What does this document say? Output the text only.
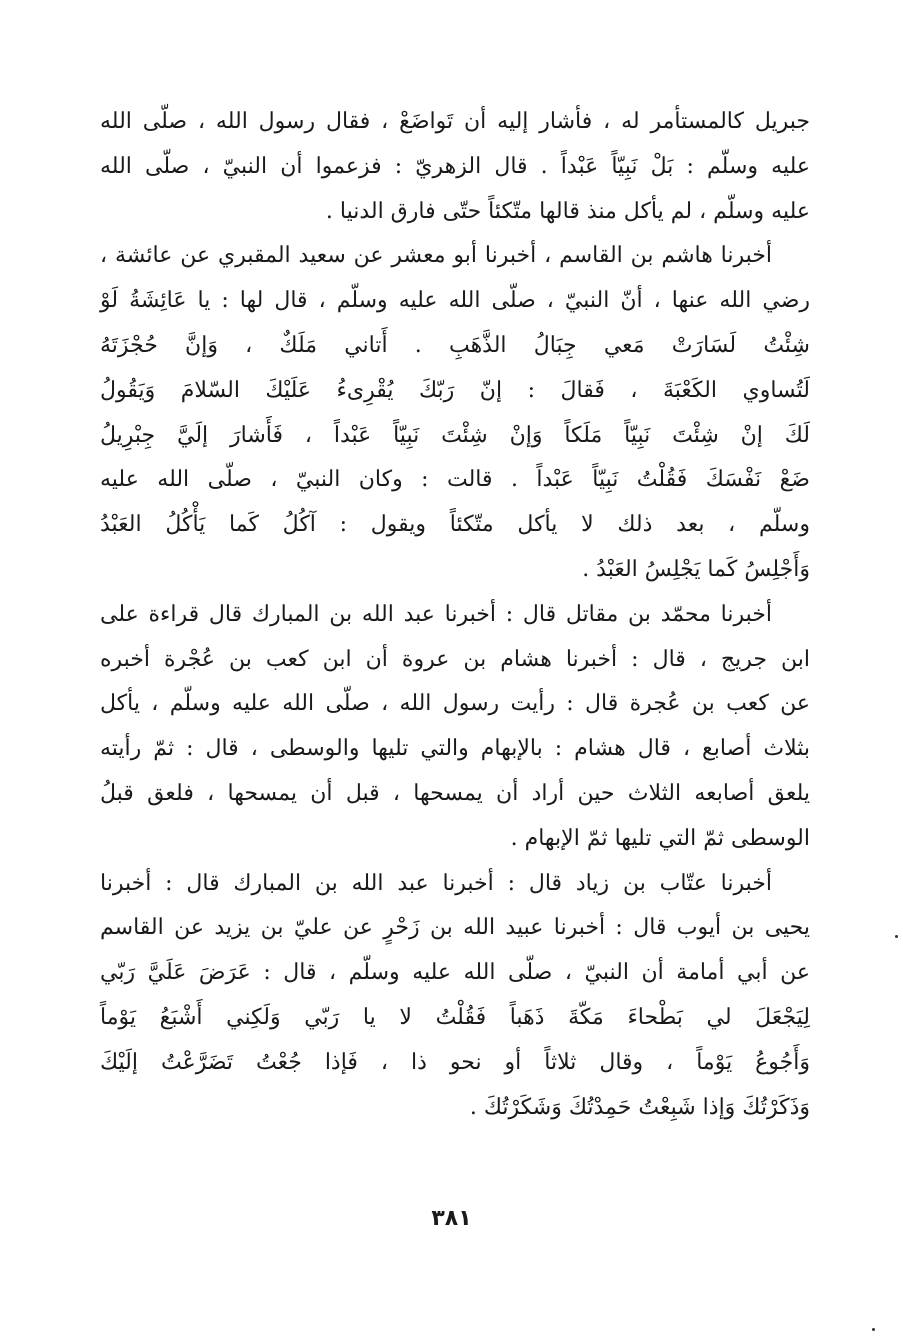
جبريل كالمستأمر له ، فأشار إليه أن تَواضَعْ ، فقال رسول الله ، صلّى الله
عليه وسلّم : بَلْ نَبِيّاً عَبْداً . قال الزهريّ : فزعموا أن النبيّ ، صلّى الله
عليه وسلّم ، لم يأكل منذ قالها متّكئاً حتّى فارق الدنيا .
أخبرنا هاشم بن القاسم ، أخبرنا أبو معشر عن سعيد المقبري عن عائشة ،
رضي الله عنها ، أنّ النبيّ ، صلّى الله عليه وسلّم ، قال لها : يا عَائِشَةُ لَوْ
شِئْتُ لَسَارَتْ مَعي جِبَالُ الذَّهَبِ . أَتاني مَلَكٌ ، وَإنَّ حُجْزَتَهُ
لَتُساوي الكَعْبَةَ ، فَقالَ : إنّ رَبّكَ يُقْرِىءُ عَلَيْكَ السّلامَ وَيَقُولُ
لَكَ إنْ شِئْتَ نَبِيّاً مَلَكاً وَإنْ شِئْتَ نَبِيّاً عَبْداً ، فَأَشارَ إلَيَّ جِبْرِيلُ
ضَعْ نَفْسَكَ فَقُلْتُ نَبِيّاً عَبْداً . قالت : وكان النبيّ ، صلّى الله عليه
وسلّم ، بعد ذلك لا يأكل متّكئاً ويقول : آكُلُ كَما يَأْكُلُ العَبْدُ
وَأَجْلِسُ كَما يَجْلِسُ العَبْدُ .
أخبرنا محمّد بن مقاتل قال : أخبرنا عبد الله بن المبارك قال قراءة على
ابن جريج ، قال : أخبرنا هشام بن عروة أن ابن كعب بن عُجْرة أخبره
عن كعب بن عُجرة قال : رأيت رسول الله ، صلّى الله عليه وسلّم ، يأكل
بثلاث أصابع ، قال هشام : بالإبهام والتي تليها والوسطى ، قال : ثمّ رأيته
يلعق أصابعه الثلاث حين أراد أن يمسحها ، قبل أن يمسحها ، فلعق قبلُ
الوسطى ثمّ التي تليها ثمّ الإبهام .
أخبرنا عتّاب بن زياد قال : أخبرنا عبد الله بن المبارك قال : أخبرنا
يحيى بن أيوب قال : أخبرنا عبيد الله بن زَحْرٍ عن عليّ بن يزيد عن القاسم
عن أبي أمامة أن النبيّ ، صلّى الله عليه وسلّم ، قال : عَرَضَ عَلَيَّ رَبّي
لِيَجْعَلَ لي بَطْحاءَ مَكّةَ ذَهَباً فَقُلْتُ لا يا رَبّي وَلَكِني أَشْبَعُ يَوْماً
وَأَجُوعُ يَوْماً ، وقال ثلاثاً أو نحو ذا ، فَإذا جُعْتُ تَضَرَّعْتُ إلَيْكَ
وَذَكَرْتُكَ وَإذا شَبِعْتُ حَمِدْتُكَ وَشَكَرْتُكَ .
٣٨١
